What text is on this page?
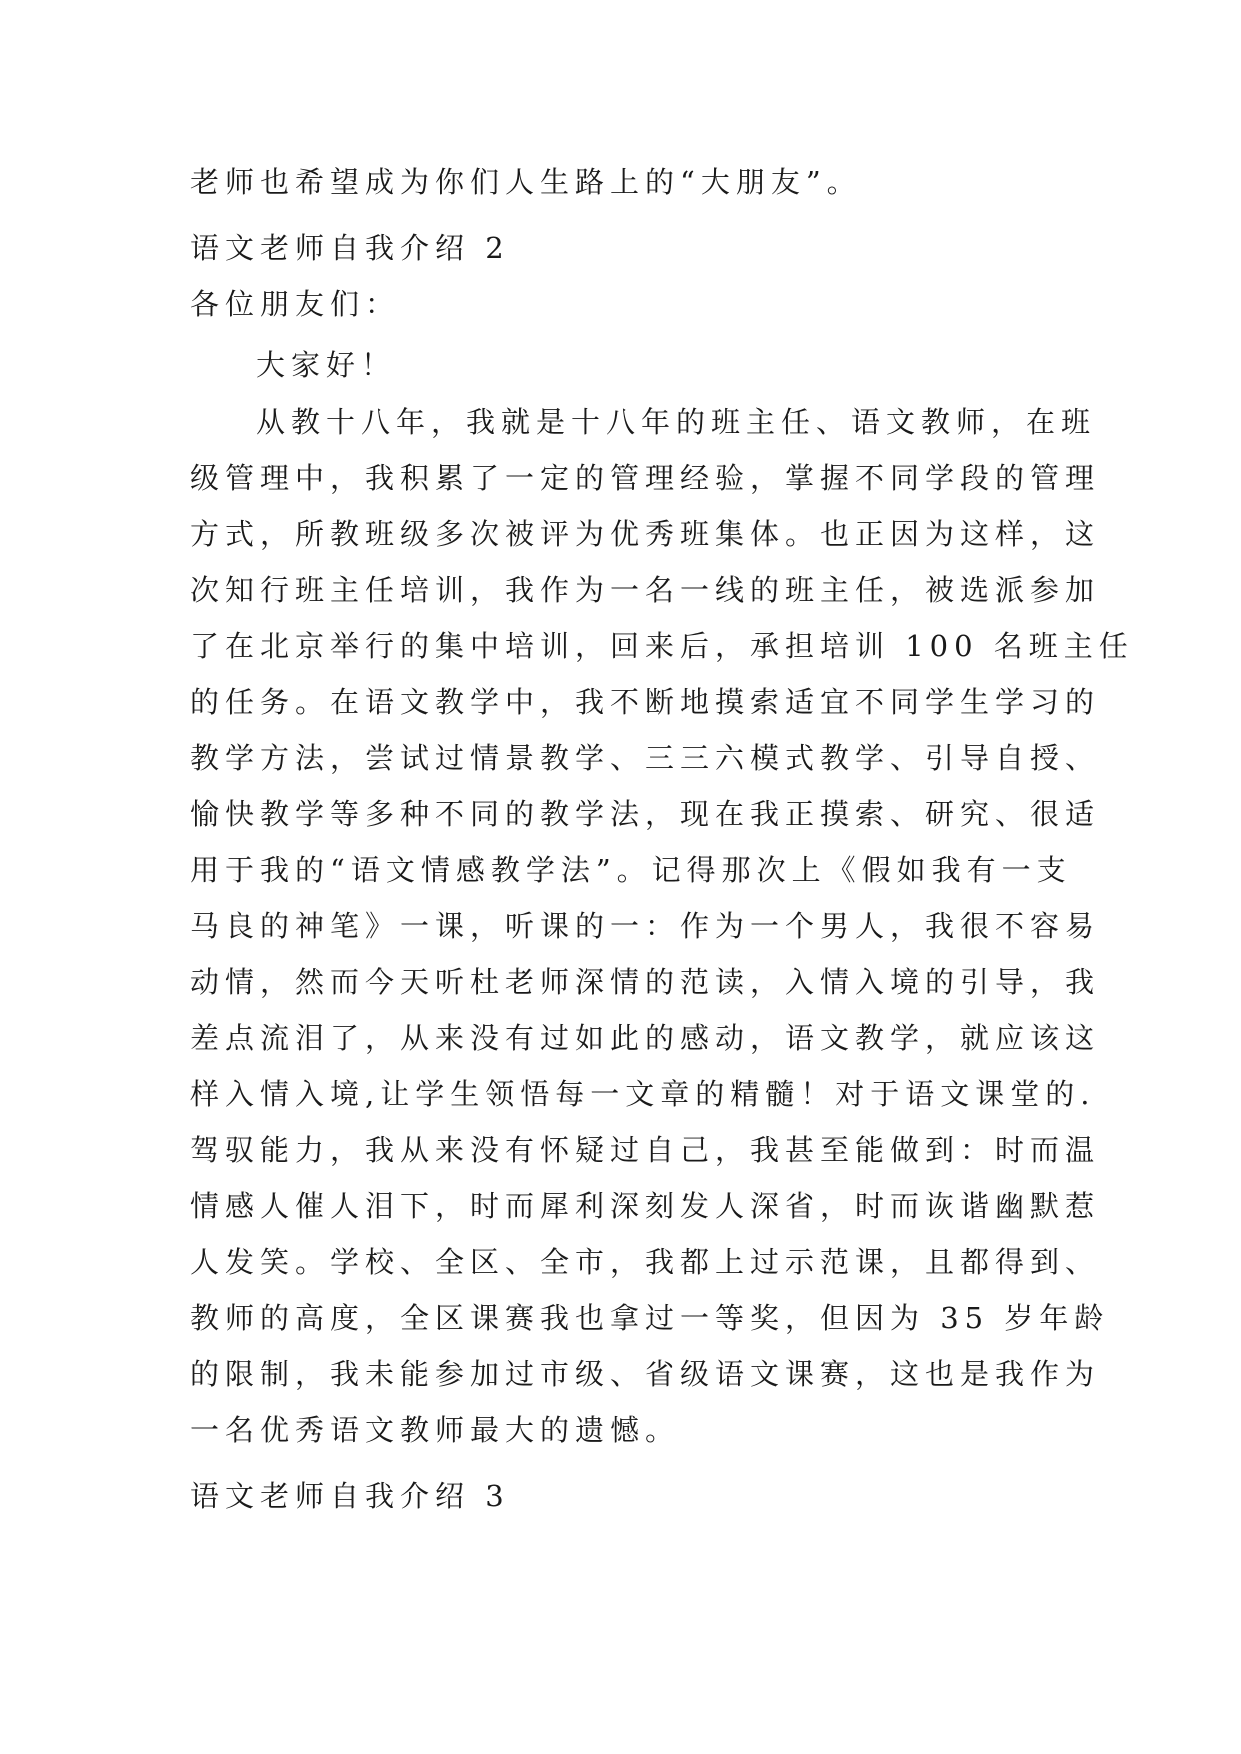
老师也希望成为你们人生路上的“大朋友”。
语文老师自我介绍 2
各位朋友们：
大家好！
从教十八年，我就是十八年的班主任、语文教师，在班
级管理中，我积累了一定的管理经验，掌握不同学段的管理
方式，所教班级多次被评为优秀班集体。也正因为这样，这
次知行班主任培训，我作为一名一线的班主任，被选派参加
了在北京举行的集中培训，回来后，承担培训 100 名班主任
的任务。在语文教学中，我不断地摸索适宜不同学生学习的
教学方法，尝试过情景教学、三三六模式教学、引导自授、
愉快教学等多种不同的教学法，现在我正摸索、研究、很适
用于我的“语文情感教学法”。记得那次上《假如我有一支
马良的神笔》一课，听课的一：作为一个男人，我很不容易
动情，然而今天听杜老师深情的范读，入情入境的引导，我
差点流泪了，从来没有过如此的感动，语文教学，就应该这
样入情入境,让学生领悟每一文章的精髓！对于语文课堂的.
驾驭能力，我从来没有怀疑过自己，我甚至能做到：时而温
情感人催人泪下，时而犀利深刻发人深省，时而诙谐幽默惹
人发笑。学校、全区、全市，我都上过示范课，且都得到、
教师的高度，全区课赛我也拿过一等奖，但因为 35 岁年龄
的限制，我未能参加过市级、省级语文课赛，这也是我作为
一名优秀语文教师最大的遗憾。
语文老师自我介绍 3
